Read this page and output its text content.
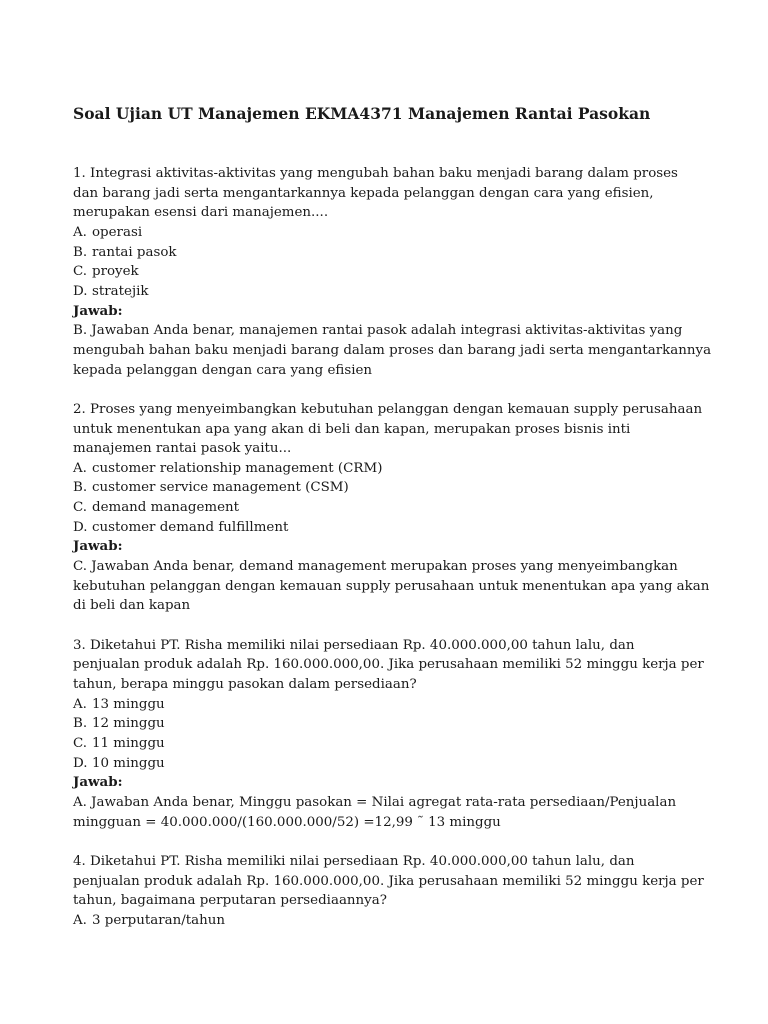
Soal Ujian UT Manajemen EKMA4371 Manajemen Rantai Pasokan
1. Integrasi aktivitas-aktivitas yang mengubah bahan baku menjadi barang dalam proses
dan barang jadi serta mengantarkannya kepada pelanggan dengan cara yang efisien,
merupakan esensi dari manajemen....
A. operasi
B. rantai pasok
C. proyek
D. stratejik
Jawab:
B. Jawaban Anda benar, manajemen rantai pasok adalah integrasi aktivitas-aktivitas yang
mengubah bahan baku menjadi barang dalam proses dan barang jadi serta mengantarkannya
kepada pelanggan dengan cara yang efisien
2. Proses yang menyeimbangkan kebutuhan pelanggan dengan kemauan supply perusahaan
untuk menentukan apa yang akan di beli dan kapan, merupakan proses bisnis inti
manajemen rantai pasok yaitu...
A. customer relationship management (CRM)
B. customer service management (CSM)
C. demand management
D. customer demand fulfillment
Jawab:
C. Jawaban Anda benar, demand management merupakan proses yang menyeimbangkan
kebutuhan pelanggan dengan kemauan supply perusahaan untuk menentukan apa yang akan
di beli dan kapan
3. Diketahui PT. Risha memiliki nilai persediaan Rp. 40.000.000,00 tahun lalu, dan
penjualan produk adalah Rp. 160.000.000,00. Jika perusahaan memiliki 52 minggu kerja per
tahun, berapa minggu pasokan dalam persediaan?
A. 13 minggu
B. 12 minggu
C. 11 minggu
D. 10 minggu
Jawab:
A. Jawaban Anda benar, Minggu pasokan = Nilai agregat rata-rata persediaan/Penjualan
mingguan = 40.000.000/(160.000.000/52) =12,99 ˜ 13 minggu
4. Diketahui PT. Risha memiliki nilai persediaan Rp. 40.000.000,00 tahun lalu, dan
penjualan produk adalah Rp. 160.000.000,00. Jika perusahaan memiliki 52 minggu kerja per
tahun, bagaimana perputaran persediaannya?
A. 3 perputaran/tahun
